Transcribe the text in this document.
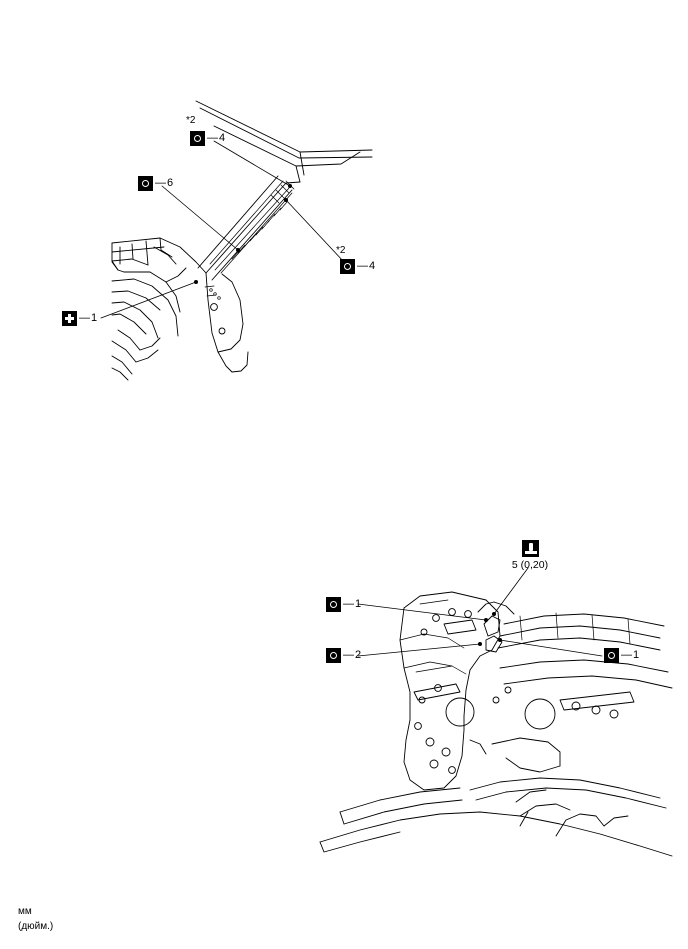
*2
— 4
— 6
*2
— 4
— 1
5 (0,20)
— 1
— 2	— 1
мм
(дюйм.)
